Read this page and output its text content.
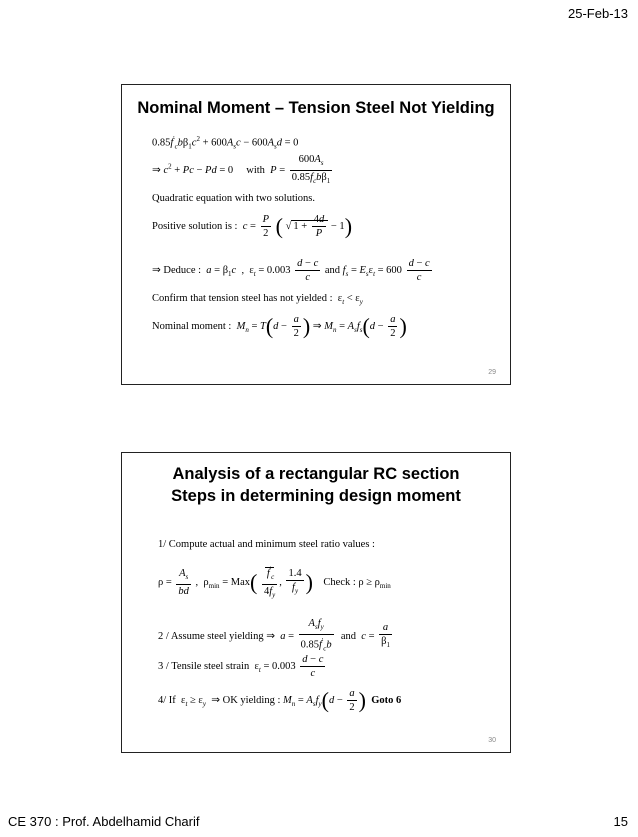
25-Feb-13
Nominal Moment – Tension Steel Not Yielding
$0.85f'_cb\beta_1c^2 + 600A_sc - 600A_sd = 0$
⇒ $c^2 + Pc - Pd = 0$     with $P = \frac{600A_s}{0.85f_cb\beta_1}$
Quadratic equation with two solutions.
Positive solution is : $c = \frac{P}{2}$ ( √ $1 + \frac{4d}{P} - 1$)
⇒ Deduce : $a = \beta_1c$  ,  $\varepsilon_t = 0.003 \frac{d - c}{c}$ and $f_s = E_s\varepsilon_t = 600 \frac{d - c}{c}$
Confirm that tension steel has not yielded :  $\varepsilon_t < \varepsilon_y$
Nominal moment : $M_n = T(d - \frac{a}{2}$ ) ⇒ $M_n = A_sf_s(d - \frac{a}{2}$ )
29
Analysis of a rectangular RC section
Steps in determining design moment
1/ Compute actual and minimum steel ratio values :
$\rho = \frac{A_s}{bd}$ ,  $\rho_{min} = Max( \frac{f'_c}{4f_y}$ , $\frac{1.4}{f_y}$ ) Check : $\rho \ge \rho_{min}$
2 / Assume steel yielding ⇒ $a = \frac{A_sf_y}{0.85f'_cb}$ and $c = \frac{a}{\beta_1}$
3 / Tensile steel strain  $\varepsilon_t = 0.003 \frac{d - c}{c}$
4/ If  $\varepsilon_t \ge \varepsilon_y$ ⇒ OK yielding : $M_n = A_sf_y(d - \frac{a}{2}$ ) Goto 6
30
CE 370 : Prof. Abdelhamid Charif	15
